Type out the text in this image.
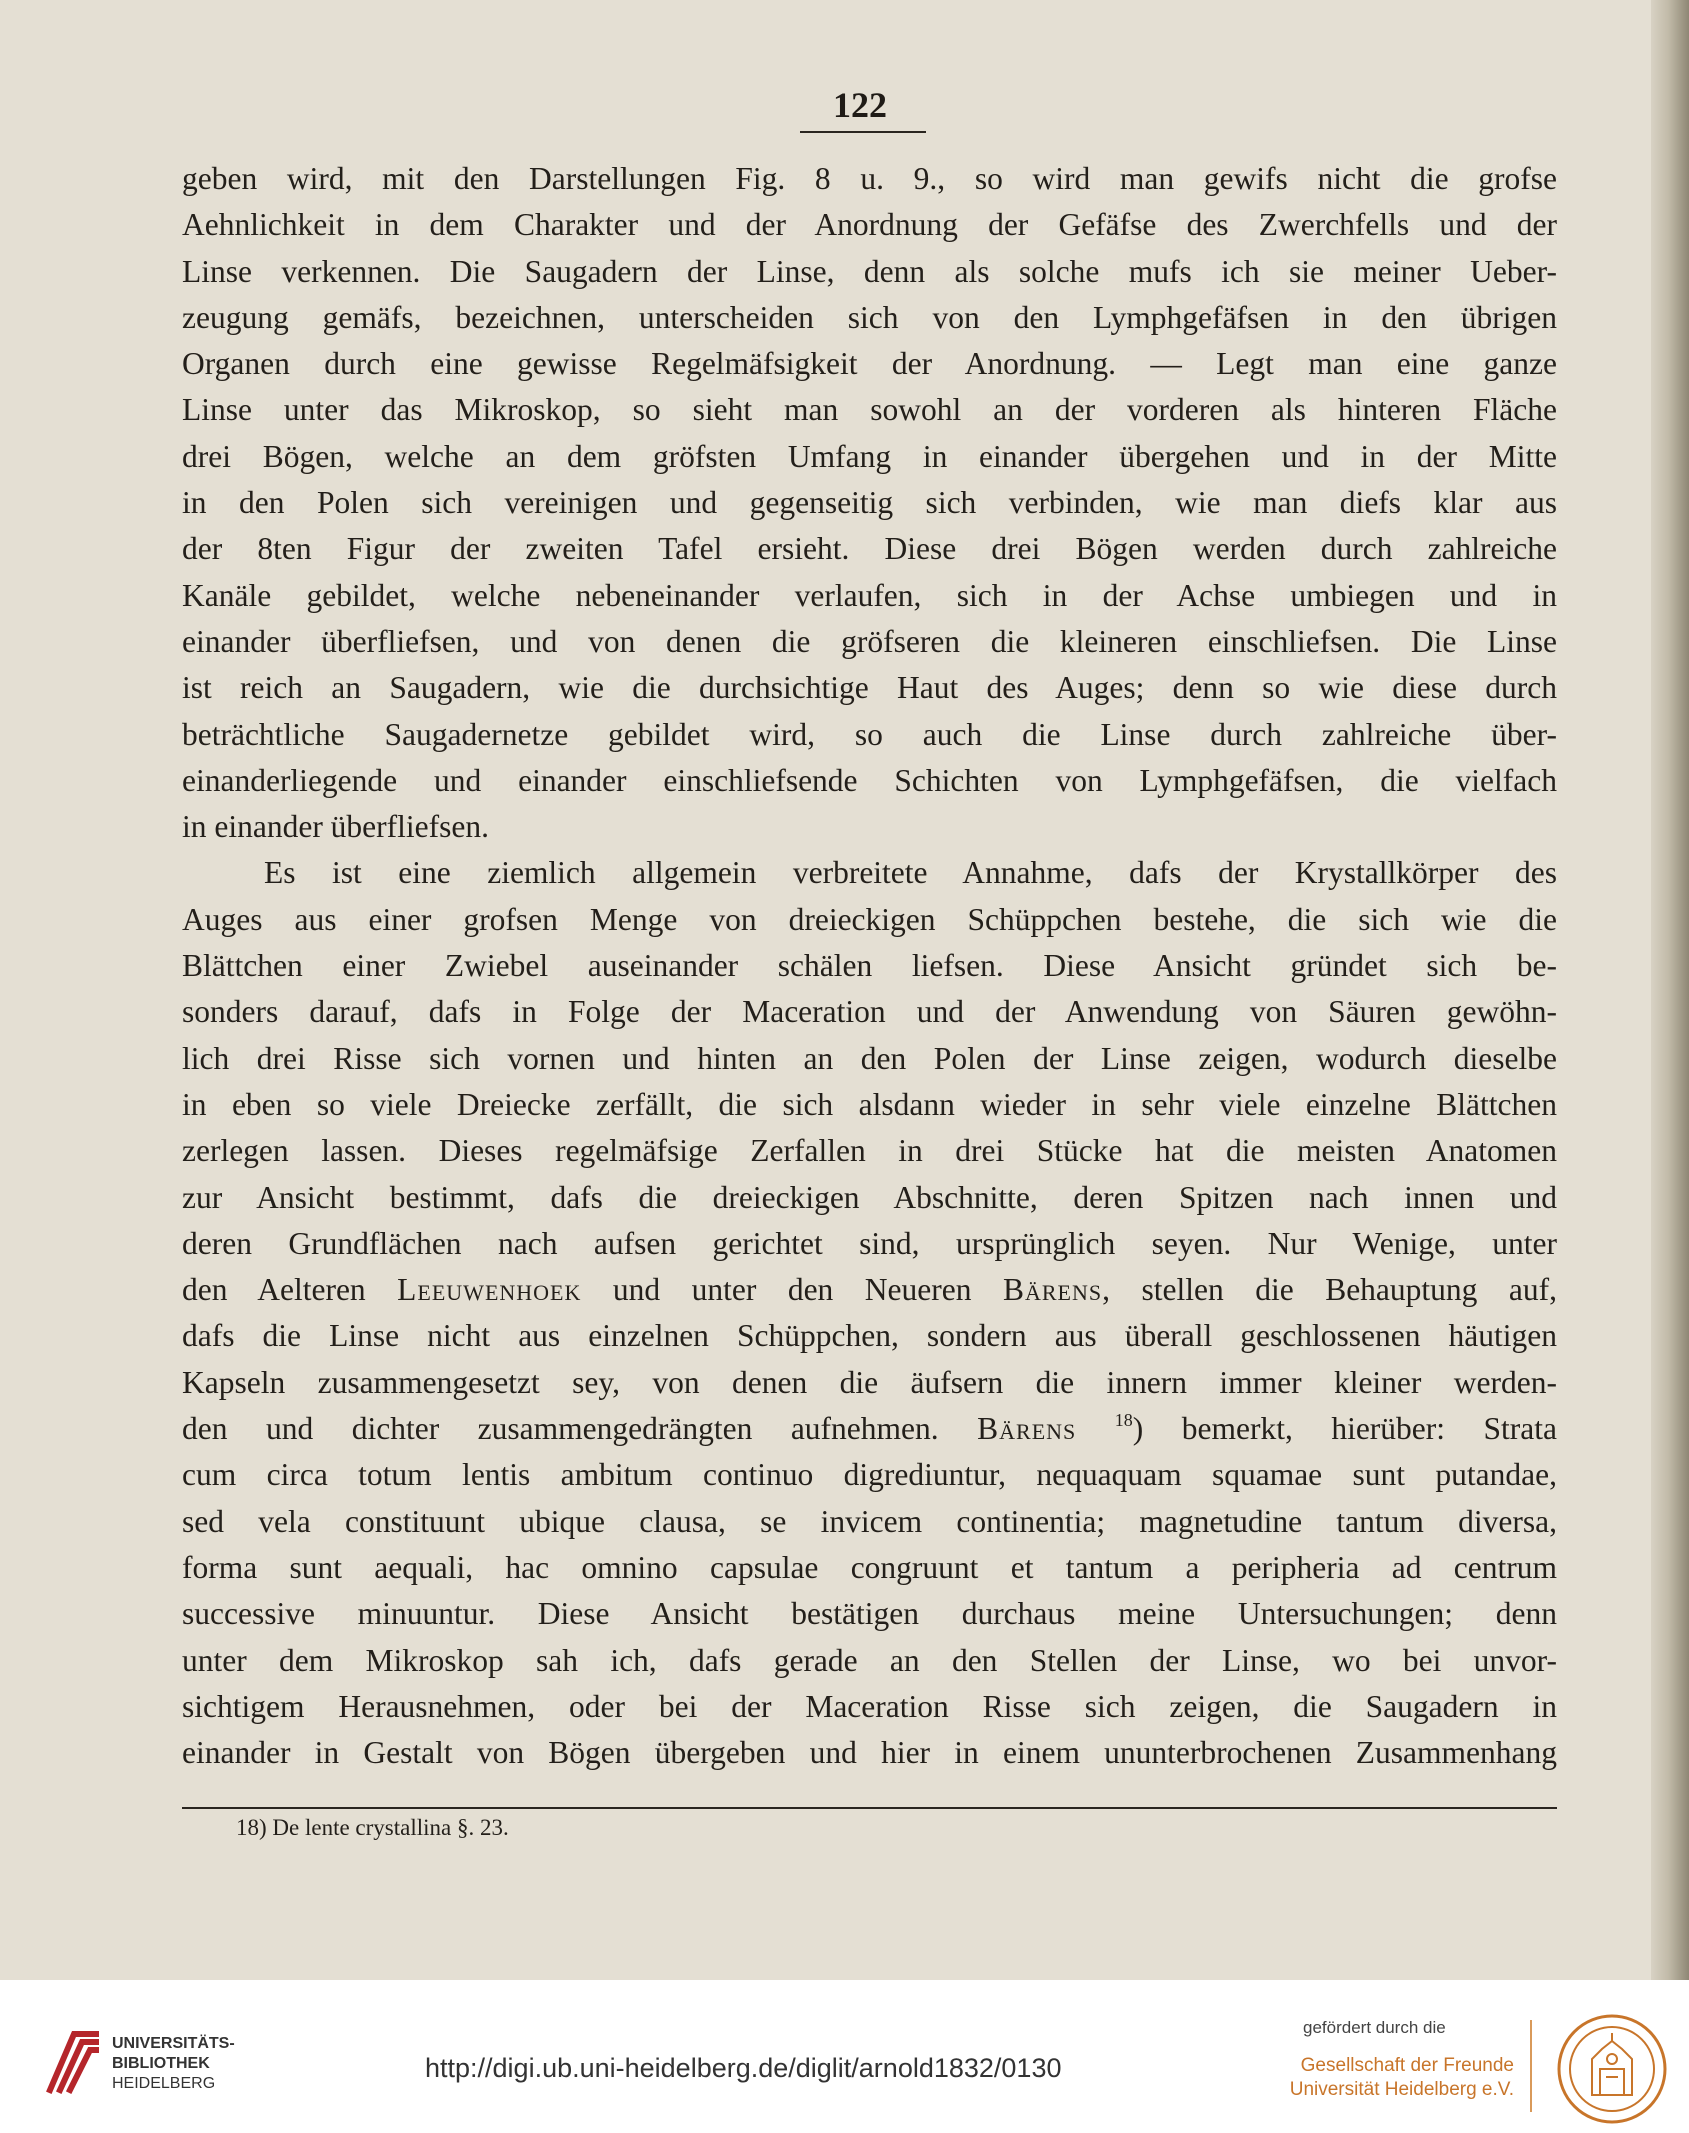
122
geben wird, mit den Darstellungen Fig. 8 u. 9., so wird man gewifs nicht die grofse
Aehnlichkeit in dem Charakter und der Anordnung der Gefäfse des Zwerchfells und der
Linse verkennen. Die Saugadern der Linse, denn als solche mufs ich sie meiner Ueber-
zeugung gemäfs, bezeichnen, unterscheiden sich von den Lymphgefäfsen in den übrigen
Organen durch eine gewisse Regelmäfsigkeit der Anordnung. — Legt man eine ganze
Linse unter das Mikroskop, so sieht man sowohl an der vorderen als hinteren Fläche
drei Bögen, welche an dem gröfsten Umfang in einander übergehen und in der Mitte
in den Polen sich vereinigen und gegenseitig sich verbinden, wie man diefs klar aus
der 8ten Figur der zweiten Tafel ersieht. Diese drei Bögen werden durch zahlreiche
Kanäle gebildet, welche nebeneinander verlaufen, sich in der Achse umbiegen und in
einander überfliefsen, und von denen die gröfseren die kleineren einschliefsen. Die Linse
ist reich an Saugadern, wie die durchsichtige Haut des Auges; denn so wie diese durch
beträchtliche Saugadernetze gebildet wird, so auch die Linse durch zahlreiche über-
einanderliegende und einander einschliefsende Schichten von Lymphgefäfsen, die vielfach
in einander überfliefsen.
Es ist eine ziemlich allgemein verbreitete Annahme, dafs der Krystallkörper des
Auges aus einer grofsen Menge von dreieckigen Schüppchen bestehe, die sich wie die
Blättchen einer Zwiebel auseinander schälen liefsen. Diese Ansicht gründet sich be-
sonders darauf, dafs in Folge der Maceration und der Anwendung von Säuren gewöhn-
lich drei Risse sich vornen und hinten an den Polen der Linse zeigen, wodurch dieselbe
in eben so viele Dreiecke zerfällt, die sich alsdann wieder in sehr viele einzelne Blättchen
zerlegen lassen. Dieses regelmäfsige Zerfallen in drei Stücke hat die meisten Anatomen
zur Ansicht bestimmt, dafs die dreieckigen Abschnitte, deren Spitzen nach innen und
deren Grundflächen nach aufsen gerichtet sind, ursprünglich seyen. Nur Wenige, unter
den Aelteren Leeuwenhoek und unter den Neueren Bärens, stellen die Behauptung auf,
dafs die Linse nicht aus einzelnen Schüppchen, sondern aus überall geschlossenen häutigen
Kapseln zusammengesetzt sey, von denen die äufsern die innern immer kleiner werden-
den und dichter zusammengedrängten aufnehmen. Bärens $^{18}$) bemerkt, hierüber: Strata
cum circa totum lentis ambitum continuo digrediuntur, nequaquam squamae sunt putandae,
sed vela constituunt ubique clausa, se invicem continentia; magnetudine tantum diversa,
forma sunt aequali, hac omnino capsulae congruunt et tantum a peripheria ad centrum
successive minuuntur. Diese Ansicht bestätigen durchaus meine Untersuchungen; denn
unter dem Mikroskop sah ich, dafs gerade an den Stellen der Linse, wo bei unvor-
sichtigem Herausnehmen, oder bei der Maceration Risse sich zeigen, die Saugadern in
einander in Gestalt von Bögen übergeben und hier in einem ununterbrochenen Zusammenhang
18) De lente crystallina §. 23.
UNIVERSITÄTS-
BIBLIOTHEK
HEIDELBERG
http://digi.ub.uni-heidelberg.de/diglit/arnold1832/0130
gefördert durch die
Gesellschaft der Freunde
Universität Heidelberg e.V.
